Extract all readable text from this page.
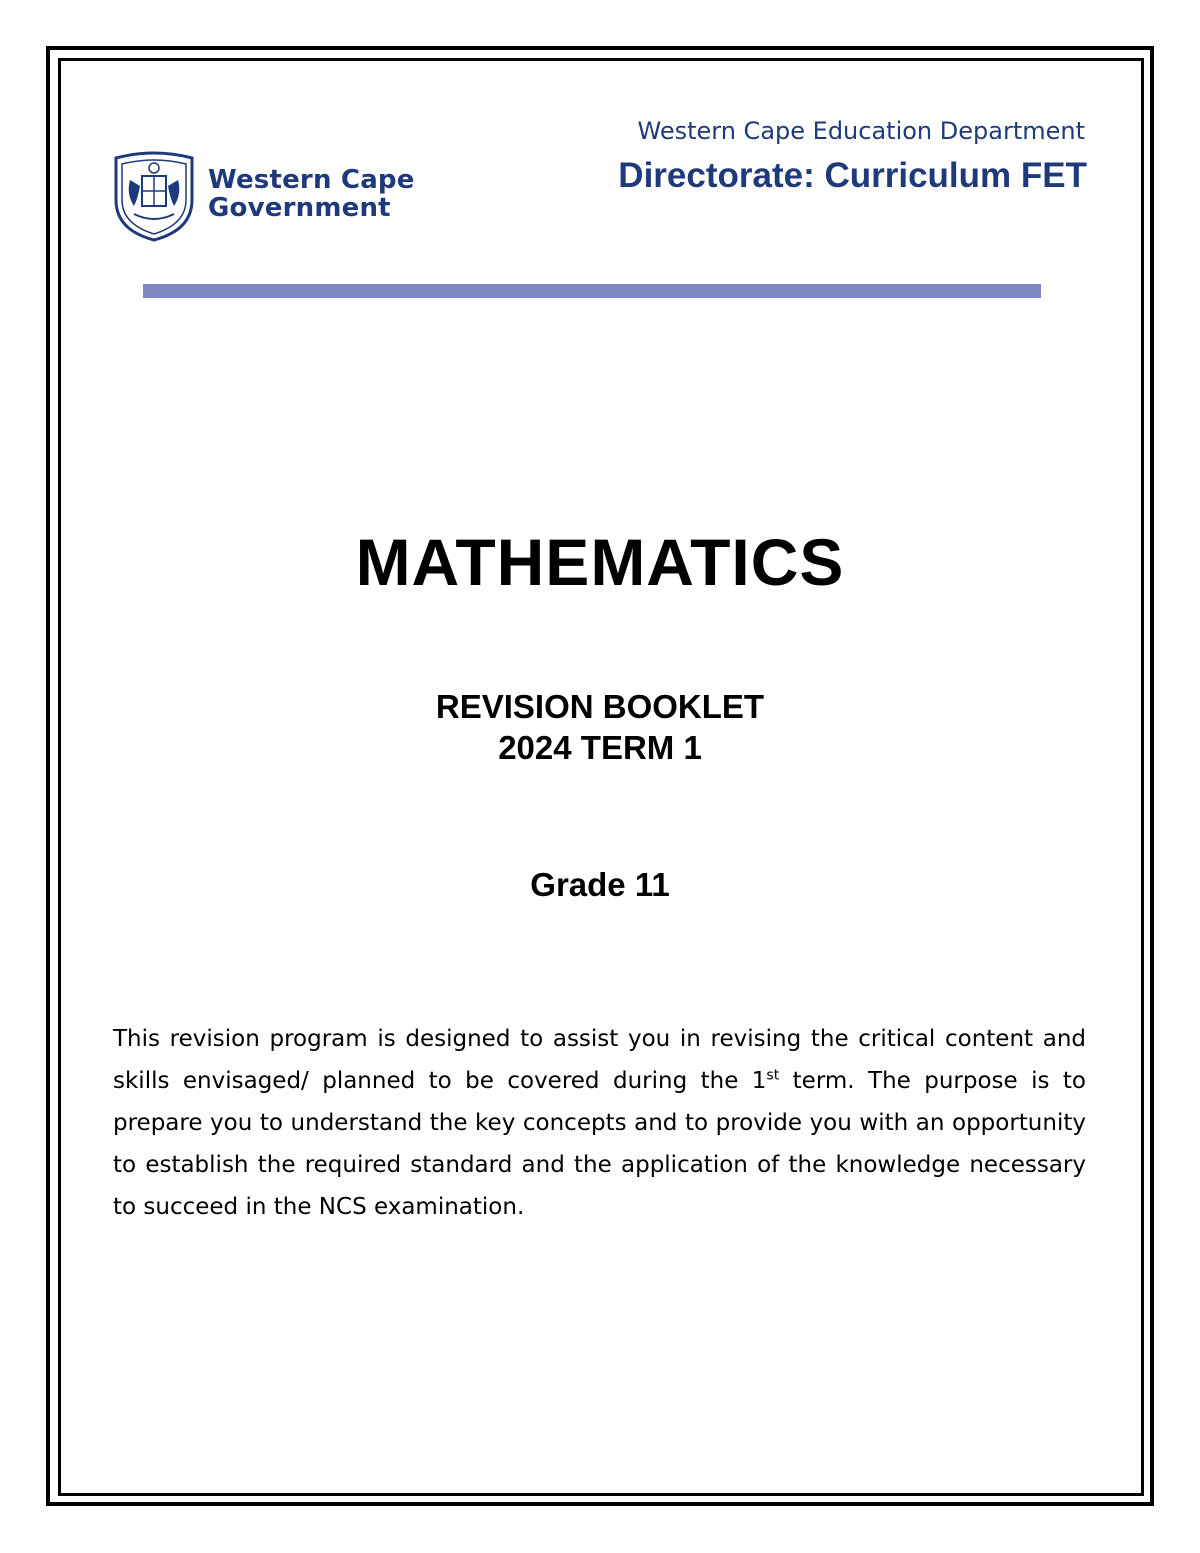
Western Cape
Government
Western Cape Education Department
Directorate: Curriculum FET
MATHEMATICS
REVISION BOOKLET
2024 TERM 1
Grade 11
This revision program is designed to assist you in revising the critical content and skills envisaged/ planned to be covered during the 1st term. The purpose is to prepare you to understand the key concepts and to provide you with an opportunity to establish the required standard and the application of the knowledge necessary to succeed in the NCS examination.
